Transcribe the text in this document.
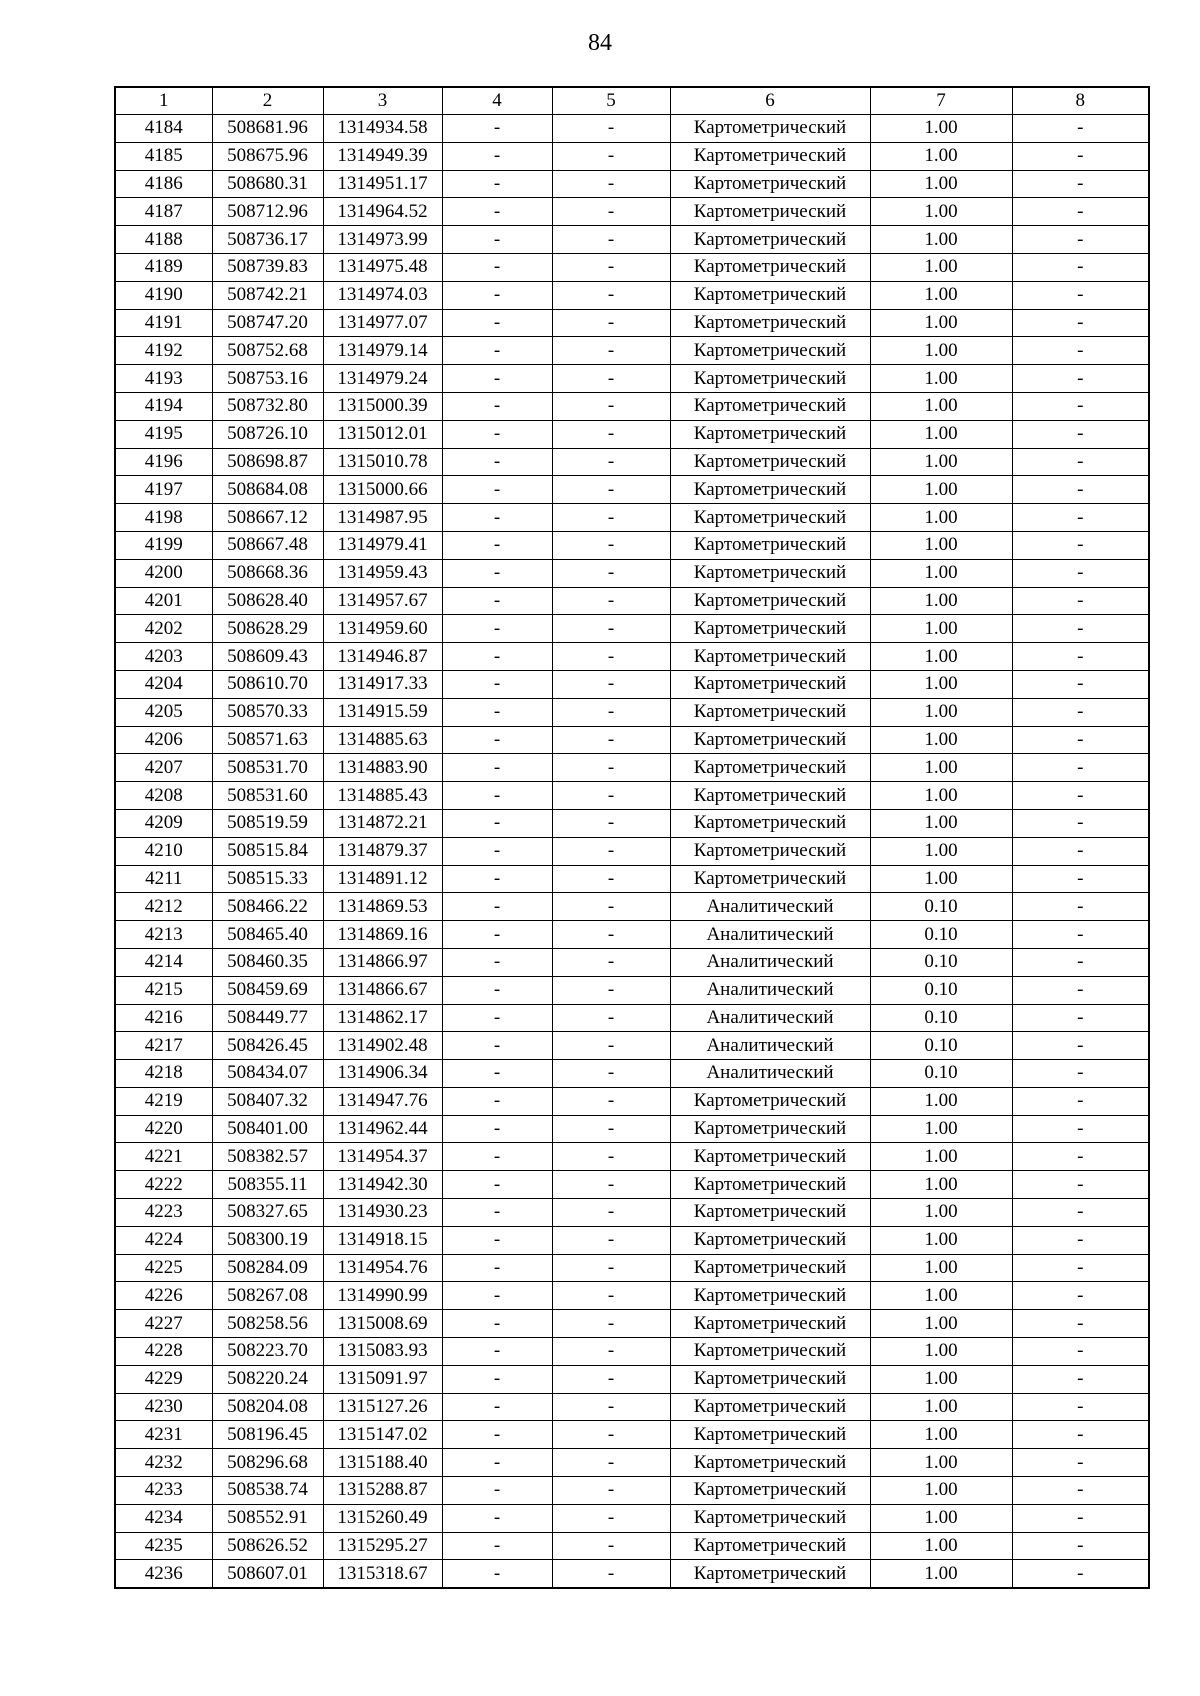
84
1	2	3	4	5	6	7	8
4184	508681.96	1314934.58	-	-	Картометрический	1.00	-
4185	508675.96	1314949.39	-	-	Картометрический	1.00	-
4186	508680.31	1314951.17	-	-	Картометрический	1.00	-
4187	508712.96	1314964.52	-	-	Картометрический	1.00	-
4188	508736.17	1314973.99	-	-	Картометрический	1.00	-
4189	508739.83	1314975.48	-	-	Картометрический	1.00	-
4190	508742.21	1314974.03	-	-	Картометрический	1.00	-
4191	508747.20	1314977.07	-	-	Картометрический	1.00	-
4192	508752.68	1314979.14	-	-	Картометрический	1.00	-
4193	508753.16	1314979.24	-	-	Картометрический	1.00	-
4194	508732.80	1315000.39	-	-	Картометрический	1.00	-
4195	508726.10	1315012.01	-	-	Картометрический	1.00	-
4196	508698.87	1315010.78	-	-	Картометрический	1.00	-
4197	508684.08	1315000.66	-	-	Картометрический	1.00	-
4198	508667.12	1314987.95	-	-	Картометрический	1.00	-
4199	508667.48	1314979.41	-	-	Картометрический	1.00	-
4200	508668.36	1314959.43	-	-	Картометрический	1.00	-
4201	508628.40	1314957.67	-	-	Картометрический	1.00	-
4202	508628.29	1314959.60	-	-	Картометрический	1.00	-
4203	508609.43	1314946.87	-	-	Картометрический	1.00	-
4204	508610.70	1314917.33	-	-	Картометрический	1.00	-
4205	508570.33	1314915.59	-	-	Картометрический	1.00	-
4206	508571.63	1314885.63	-	-	Картометрический	1.00	-
4207	508531.70	1314883.90	-	-	Картометрический	1.00	-
4208	508531.60	1314885.43	-	-	Картометрический	1.00	-
4209	508519.59	1314872.21	-	-	Картометрический	1.00	-
4210	508515.84	1314879.37	-	-	Картометрический	1.00	-
4211	508515.33	1314891.12	-	-	Картометрический	1.00	-
4212	508466.22	1314869.53	-	-	Аналитический	0.10	-
4213	508465.40	1314869.16	-	-	Аналитический	0.10	-
4214	508460.35	1314866.97	-	-	Аналитический	0.10	-
4215	508459.69	1314866.67	-	-	Аналитический	0.10	-
4216	508449.77	1314862.17	-	-	Аналитический	0.10	-
4217	508426.45	1314902.48	-	-	Аналитический	0.10	-
4218	508434.07	1314906.34	-	-	Аналитический	0.10	-
4219	508407.32	1314947.76	-	-	Картометрический	1.00	-
4220	508401.00	1314962.44	-	-	Картометрический	1.00	-
4221	508382.57	1314954.37	-	-	Картометрический	1.00	-
4222	508355.11	1314942.30	-	-	Картометрический	1.00	-
4223	508327.65	1314930.23	-	-	Картометрический	1.00	-
4224	508300.19	1314918.15	-	-	Картометрический	1.00	-
4225	508284.09	1314954.76	-	-	Картометрический	1.00	-
4226	508267.08	1314990.99	-	-	Картометрический	1.00	-
4227	508258.56	1315008.69	-	-	Картометрический	1.00	-
4228	508223.70	1315083.93	-	-	Картометрический	1.00	-
4229	508220.24	1315091.97	-	-	Картометрический	1.00	-
4230	508204.08	1315127.26	-	-	Картометрический	1.00	-
4231	508196.45	1315147.02	-	-	Картометрический	1.00	-
4232	508296.68	1315188.40	-	-	Картометрический	1.00	-
4233	508538.74	1315288.87	-	-	Картометрический	1.00	-
4234	508552.91	1315260.49	-	-	Картометрический	1.00	-
4235	508626.52	1315295.27	-	-	Картометрический	1.00	-
4236	508607.01	1315318.67	-	-	Картометрический	1.00	-
